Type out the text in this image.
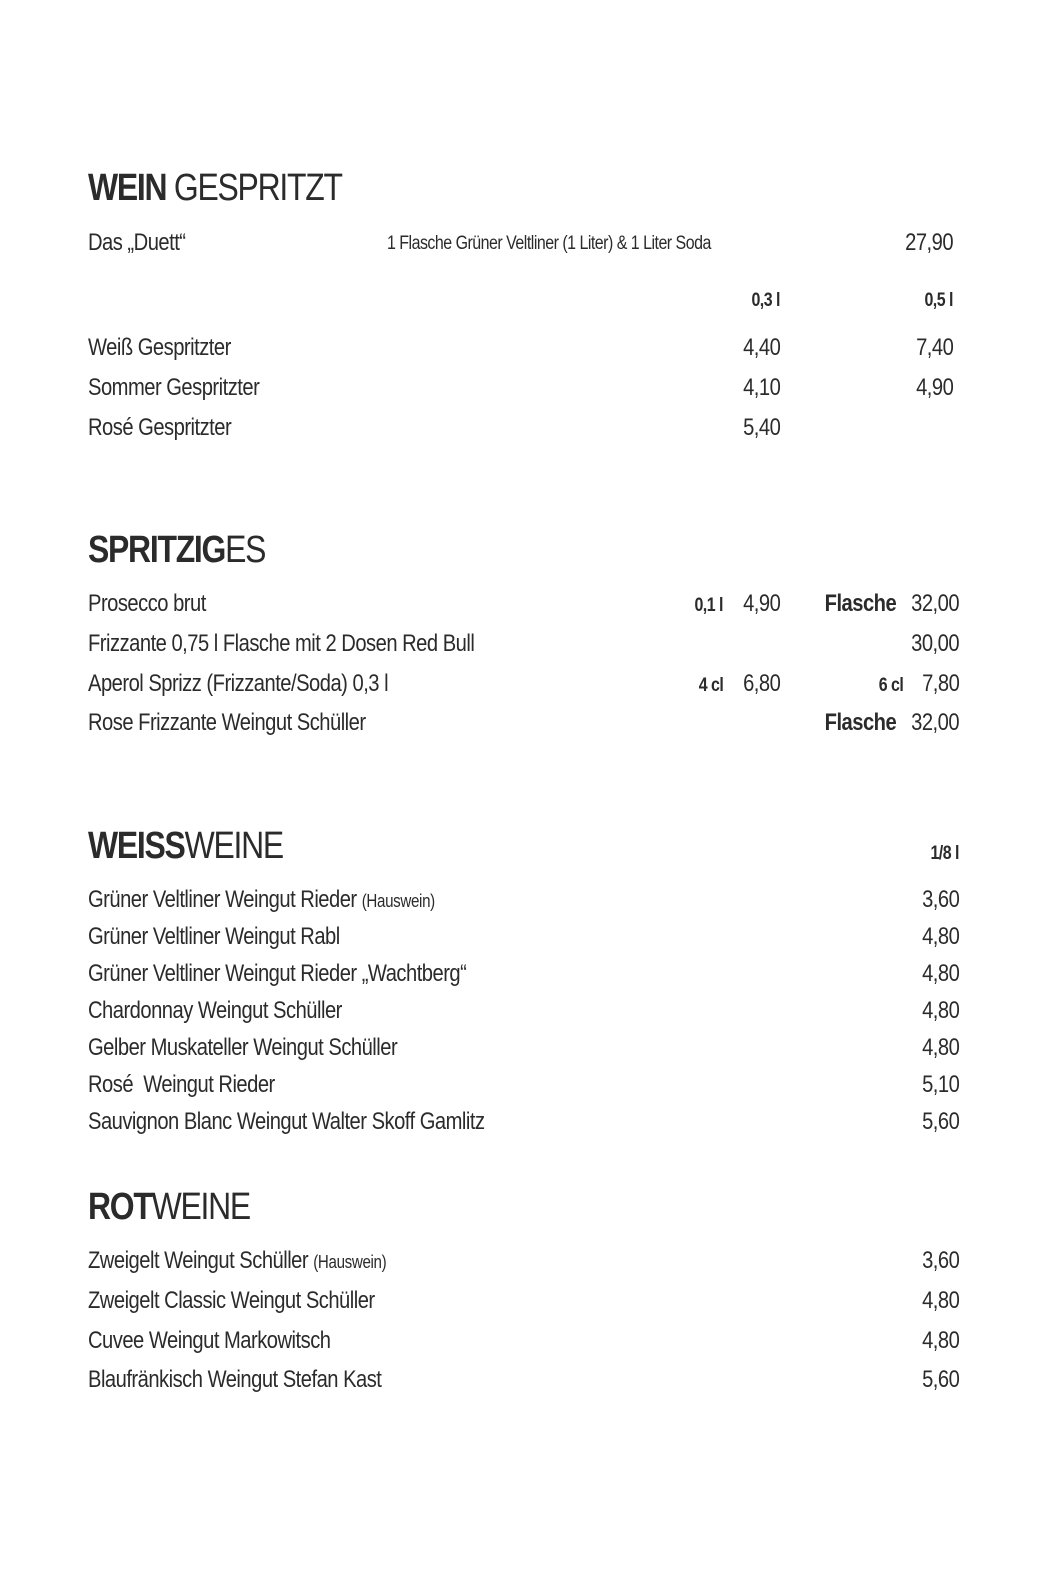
WEIN GESPRITZT
Das „Duett“	1 Flasche Grüner Veltliner (1 Liter) & 1 Liter Soda	27,90
0,3 l	0,5 l
Weiß Gespritzter	4,40	7,40
Sommer Gespritzter	4,10	4,90
Rosé Gespritzter	5,40
SPRITZIGES
Prosecco brut	0,1 l 4,90 Flasche 32,00
Frizzante 0,75 l Flasche mit 2 Dosen Red Bull	30,00
Aperol Sprizz (Frizzante/Soda) 0,3 l	4 cl 6,80	6 cl 7,80
Rose Frizzante Weingut Schüller	Flasche 32,00
WEISSWEINE	1/8 l
Grüner Veltliner Weingut Rieder (Hauswein)	3,60
Grüner Veltliner Weingut Rabl	4,80
Grüner Veltliner Weingut Rieder „Wachtberg“	4,80
Chardonnay Weingut Schüller	4,80
Gelber Muskateller Weingut Schüller	4,80
Rosé  Weingut Rieder	5,10
Sauvignon Blanc Weingut Walter Skoff Gamlitz	5,60
ROTWEINE
Zweigelt Weingut Schüller (Hauswein)	3,60
Zweigelt Classic Weingut Schüller	4,80
Cuvee Weingut Markowitsch	4,80
Blaufränkisch Weingut Stefan Kast	5,60
